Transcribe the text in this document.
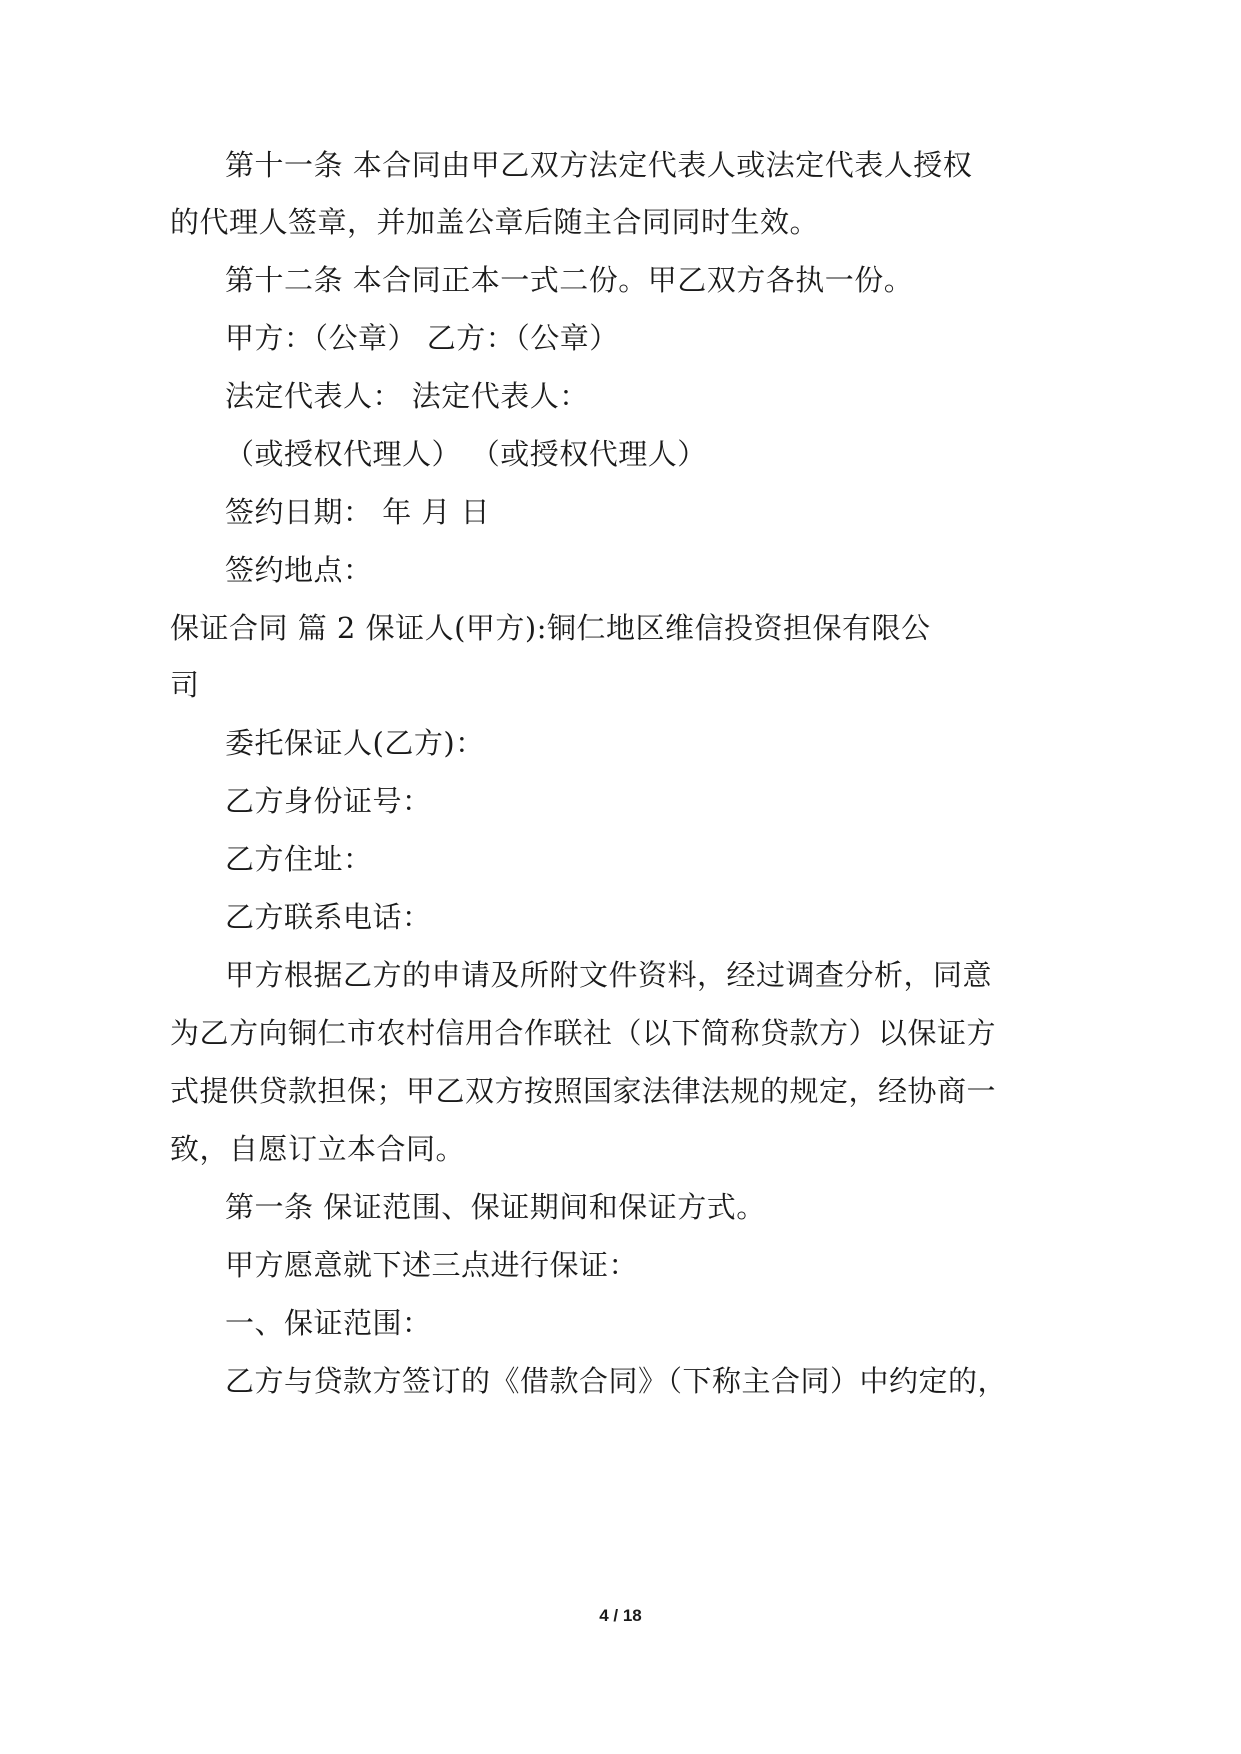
第十一条 本合同由甲乙双方法定代表人或法定代表人授权
的代理人签章，并加盖公章后随主合同同时生效。
第十二条 本合同正本一式二份。甲乙双方各执一份。
甲方：（公章） 乙方：（公章）
法定代表人： 法定代表人：
（或授权代理人） （或授权代理人）
签约日期： 年 月 日
签约地点：
保证合同 篇 2 保证人(甲方):铜仁地区维信投资担保有限公
司
委托保证人(乙方)：
乙方身份证号：
乙方住址：
乙方联系电话：
甲方根据乙方的申请及所附文件资料，经过调查分析，同意
为乙方向铜仁市农村信用合作联社（以下简称贷款方）以保证方
式提供贷款担保；甲乙双方按照国家法律法规的规定，经协商一
致，自愿订立本合同。
第一条 保证范围、保证期间和保证方式。
甲方愿意就下述三点进行保证：
一、保证范围：
乙方与贷款方签订的《借款合同》（下称主合同）中约定的，
4 / 18
